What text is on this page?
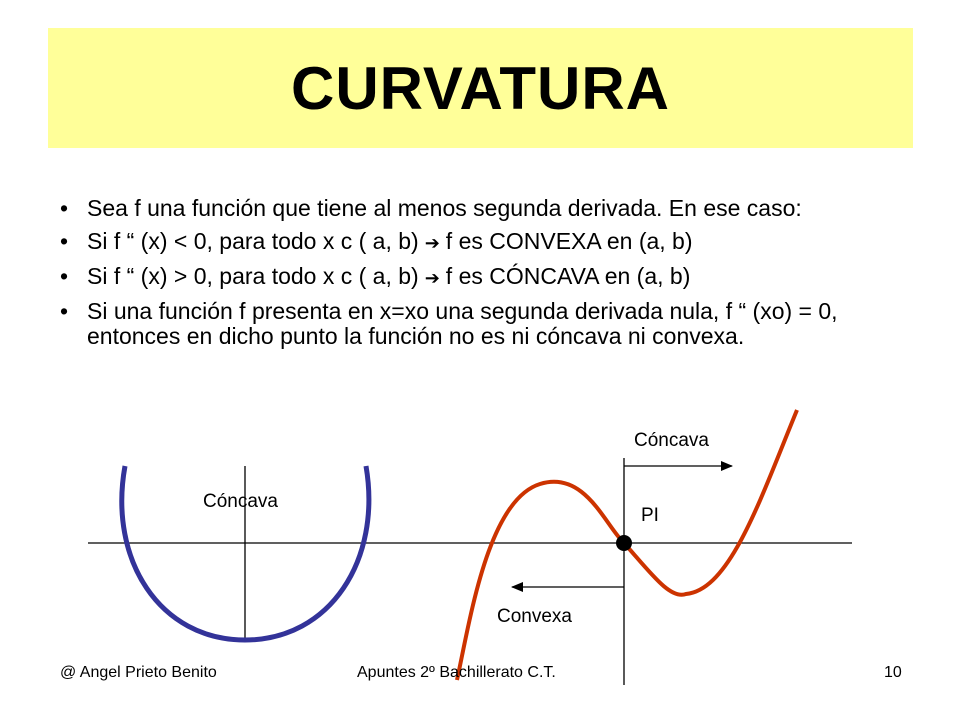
CURVATURA
• Sea f una función que tiene al menos segunda derivada. En ese caso:
• Si f “ (x) < 0, para todo x c ( a, b) ➔ f es CONVEXA en (a, b)
• Si f “ (x) > 0, para todo x c ( a, b) ➔ f es CÓNCAVA en (a, b)
• Si una función f presenta en x=xo una segunda derivada nula, f “ (xo) = 0, entonces en dicho punto la función no es ni cóncava ni convexa.
Cóncava
Cóncava
PI
Convexa
@ Angel Prieto Benito	Apuntes 2º Bachillerato C.T.	10
